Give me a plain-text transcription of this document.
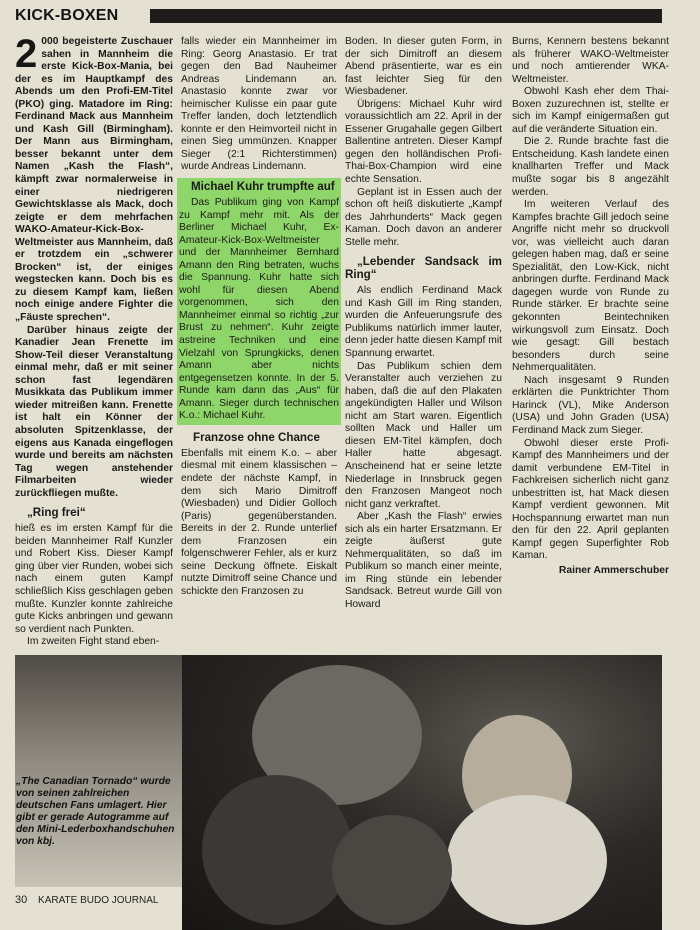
KICK-BOXEN

2 000 begeisterte Zuschauer sahen in Mannheim die erste Kick-Box-Mania, bei der es im Hauptkampf des Abends um den Profi-EM-Titel (PKO) ging. Matadore im Ring: Ferdinand Mack aus Mannheim und Kash Gill (Birmingham). Der Mann aus Birmingham, besser bekannt unter dem Namen „Kash the Flash“, kämpft zwar normalerweise in einer niedrigeren Gewichtsklasse als Mack, doch zeigte er dem mehrfachen WAKO-Amateur-Kick-Box-Weltmeister aus Mannheim, daß er trotzdem ein „schwerer Brocken“ ist, der einiges wegstecken kann. Doch bis es zu diesem Kampf kam, ließen noch einige andere Fighter die „Fäuste sprechen“.

Darüber hinaus zeigte der Kanadier Jean Frenette im Show-Teil dieser Veranstaltung einmal mehr, daß er mit seiner schon fast legendären Musikkata das Publikum immer wieder mitreißen kann. Frenette ist halt ein Könner der absoluten Spitzenklasse, der eigens aus Kanada eingeflogen wurde und bereits am nächsten Tag wegen anstehender Filmarbeiten wieder zurückfliegen mußte.

„Ring frei“

hieß es im ersten Kampf für die beiden Mannheimer Ralf Kunzler und Robert Kiss. Dieser Kampf ging über vier Runden, wobei sich nach einem guten Kampf schließlich Kiss geschlagen geben mußte. Kunzler konnte zahlreiche gute Kicks anbringen und gewann so verdient nach Punkten.

Im zweiten Fight stand eben-

falls wieder ein Mannheimer im Ring: Georg Anastasio. Er trat gegen den Bad Nauheimer Andreas Lindemann an. Anastasio konnte zwar vor heimischer Kulisse ein paar gute Treffer landen, doch letztendlich konnte er den Heimvorteil nicht in einen Sieg ummünzen. Knapper Sieger (2:1 Richterstimmen) wurde Andreas Lindemann.

Michael Kuhr trumpfte auf

Das Publikum ging von Kampf zu Kampf mehr mit. Als der Berliner Michael Kuhr, Ex-Amateur-Kick-Box-Weltmeister und der Mannheimer Bernhard Amann den Ring betraten, wuchs die Spannung. Kuhr hatte sich wohl für diesen Abend vorgenommen, sich den Mannheimer einmal so richtig „zur Brust zu nehmen“. Kuhr zeigte astreine Techniken und eine Vielzahl von Sprungkicks, denen Amann aber nichts entgegensetzen konnte. In der 5. Runde kam dann das „Aus“ für Amann. Sieger durch technischen K.o.: Michael Kuhr.

Franzose ohne Chance

Ebenfalls mit einem K.o. – aber diesmal mit einem klassischen – endete der nächste Kampf, in dem sich Mario Dimitroff (Wiesbaden) und Didier Golloch (Paris) gegenüberstanden. Bereits in der 2. Runde unterlief dem Franzosen ein folgenschwerer Fehler, als er kurz seine Deckung öffnete. Eiskalt nutzte Dimitroff seine Chance und schickte den Franzosen zu

Boden. In dieser guten Form, in der sich Dimitroff an diesem Abend präsentierte, war es ein fast leichter Sieg für den Wiesbadener.

Übrigens: Michael Kuhr wird voraussichtlich am 22. April in der Essener Grugahalle gegen Gilbert Ballentine antreten. Dieser Kampf gegen den holländischen Profi-Thai-Box-Champion wird eine echte Sensation.

Geplant ist in Essen auch der schon oft heiß diskutierte „Kampf des Jahrhunderts“ Mack gegen Kaman. Doch davon an anderer Stelle mehr.

„Lebender Sandsack im Ring“

Als endlich Ferdinand Mack und Kash Gill im Ring standen, wurden die Anfeuerungsrufe des Publikums natürlich immer lauter, denn jeder hatte diesen Kampf mit Spannung erwartet.

Das Publikum schien dem Veranstalter auch verziehen zu haben, daß die auf den Plakaten angekündigten Haller und Wilson nicht am Start waren. Eigentlich sollten Mack und Haller um diesen EM-Titel kämpfen, doch Haller hatte abgesagt. Anscheinend hat er seine letzte Niederlage in Innsbruck gegen den Franzosen Mangeot noch nicht ganz verkraftet.

Aber „Kash the Flash“ erwies sich als ein harter Ersatzmann. Er zeigte äußerst gute Nehmerqualitäten, so daß im Publikum so manch einer meinte, im Ring stünde ein lebender Sandsack. Betreut wurde Gill von Howard

Burns, Kennern bestens bekannt als früherer WAKO-Weltmeister und noch amtierender WKA-Weltmeister.

Obwohl Kash eher dem Thai-Boxen zuzurechnen ist, stellte er sich im Kampf einigermaßen gut auf die veränderte Situation ein.

Die 2. Runde brachte fast die Entscheidung. Kash landete einen knallharten Treffer und Mack mußte sogar bis 8 angezählt werden.

Im weiteren Verlauf des Kampfes brachte Gill jedoch seine Angriffe nicht mehr so druckvoll vor, was vielleicht auch daran gelegen haben mag, daß er seine Spezialität, den Low-Kick, nicht anbringen durfte. Ferdinand Mack dagegen wurde von Runde zu Runde stärker. Er brachte seine gekonnten Beintechniken wirkungsvoll zum Einsatz. Doch wie gesagt: Gill bestach besonders durch seine Nehmerqualitäten.

Nach insgesamt 9 Runden erklärten die Punktrichter Thom Harinck (VL), Mike Anderson (USA) und John Graden (USA) Ferdinand Mack zum Sieger.

Obwohl dieser erste Profi-Kampf des Mannheimers und der damit verbundene EM-Titel in Fachkreisen sicherlich nicht ganz unbestritten ist, hat Mack diesen Kampf verdient gewonnen. Mit Hochspannung erwartet man nun den für den 22. April geplanten Kampf gegen Superfighter Rob Kaman.

Rainer Ammerschuber

„The Canadian Tornado“ wurde von seinen zahlreichen deutschen Fans umlagert. Hier gibt er gerade Autogramme auf den Mini-Lederboxhandschuhen von kbj.
30 KARATE BUDO JOURNAL
